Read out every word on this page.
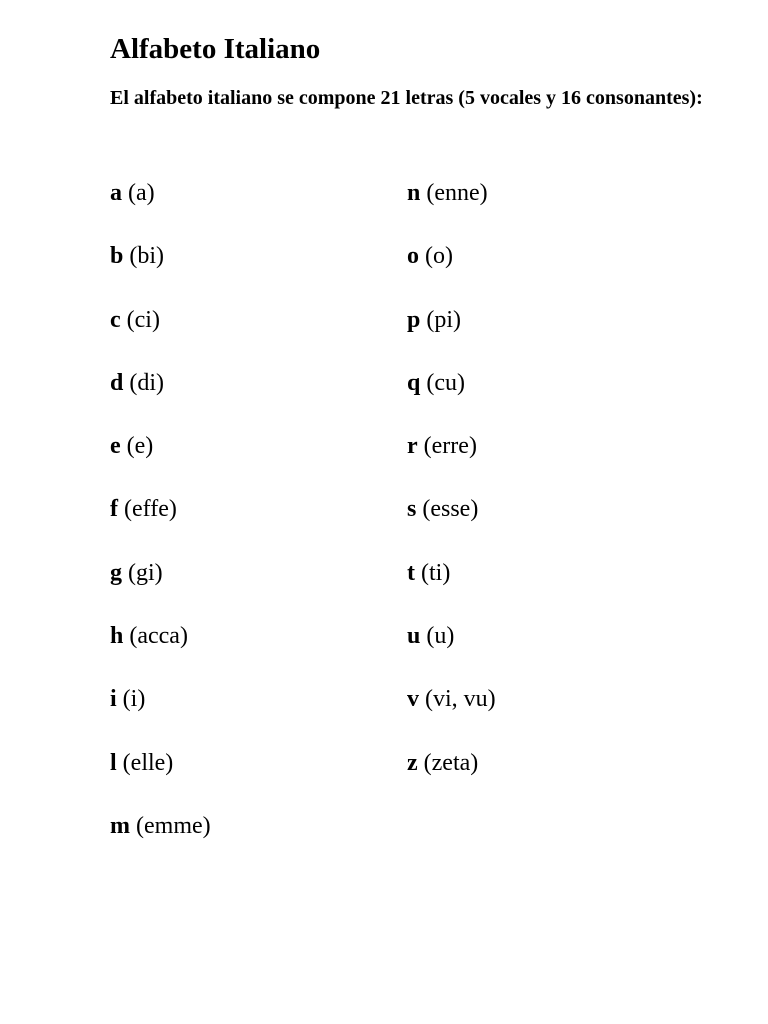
Alfabeto Italiano
El alfabeto italiano se compone 21 letras (5 vocales y 16 consonantes):
a (a)
b (bi)
c (ci)
d (di)
e (e)
f (effe)
g (gi)
h (acca)
i (i)
l (elle)
m (emme)
n (enne)
o (o)
p (pi)
q (cu)
r (erre)
s (esse)
t (ti)
u (u)
v (vi, vu)
z (zeta)
